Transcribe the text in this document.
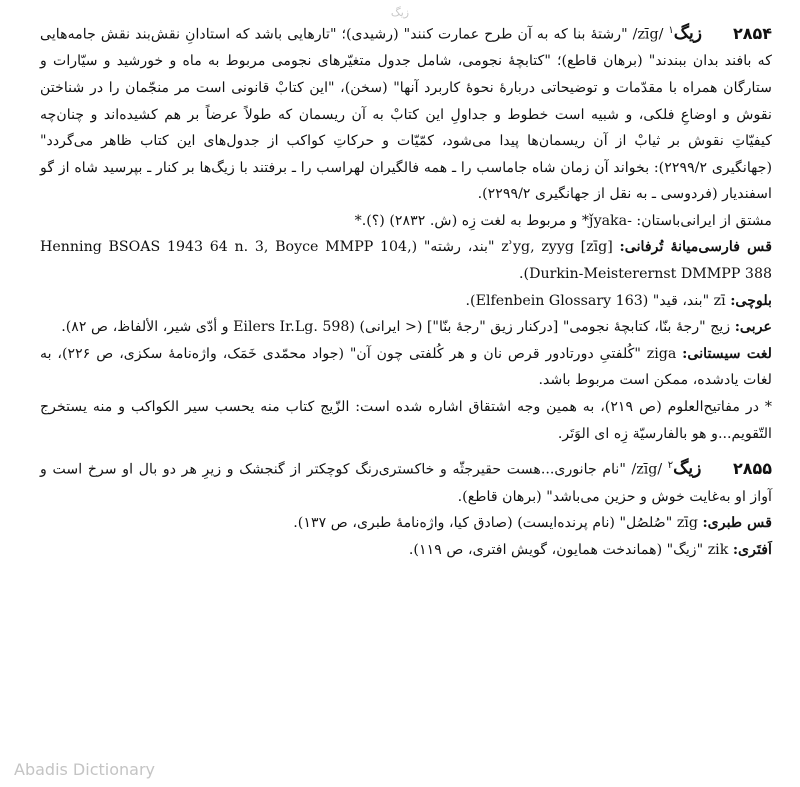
زیگ

۲۸۵۴ زیگ$^۱$ /zīg/ "رشتهٔ بنا که به آن طرح عمارت کنند" (رشیدی)؛ "تارهایی باشد که استادانِ نقش‌بند نقش جامه‌هایی که بافند بدان ببندند" (برهان قاطع)؛ "کتابچهٔ نجومی، شامل جدول متغیّرهای نجومی مربوط به ماه و خورشید و سیّارات و ستارگان همراه با مقدّمات و توضیحاتی دربارهٔ نحوهٔ کاربرد آنها" (سخن)، "این کتابْ قانونی است مر منجّمان را در شناختن نقوش و اوضاعِ فلکی، و شبیه است خطوط و جداولِ این کتابْ به آن ریسمان که طولاً عرضاً بر هم کشیده‌اند و چنان‌چه کیفیّاتِ نقوش بر ثیابْ از آن ریسمان‌ها پیدا می‌شود، کمّیّات و حرکاتِ کواکب از جدول‌های این کتاب ظاهر می‌گردد" (جهانگیری ۲۲۹۹/۲): بخواند آن زمان شاه جاماسب را ـ همه فالگیران لهراسب را ـ برفتند با زیگ‌ها بر کنار ـ بپرسید شاه از گو اسفندیار (فردوسی ـ به نقل از جهانگیری ۲۲۹۹/۲).

مشتق از ایرانی‌باستان: -ǰyaka* و مربوط به لغت زِه (ش. ۲۸۳۲) (؟).*

قس فارسی‌میانهٔ تُرفانی: [zīg] zʾyg, zyyg "بند، رشته" (Henning BSOAS 1943 64 n. 3, Boyce MMPP 104, Durkin-Meisterernst DMMPP 388).

بلوچی: zī "بند، قید" (Elfenbein Glossary 163).

عربی: زیج "رجهٔ بنّا، کتابچهٔ نجومی" [درکنار زیق "رجهٔ بنّا"] (< ایرانی) (Eilers Ir.Lg. 598 و أدّی شیر، الألفاظ، ص ۸۲).

لغت سیستانی: ziga "کُلفتیِ دورتادور قرص نان و هر کُلفتی چون آن" (جواد محمّدی خَمَک، واژه‌نامهٔ سکزی، ص ۲۲۶)، به لغات یادشده، ممکن است مربوط باشد.

* در مفاتیح‌العلوم (ص ۲۱۹)، به همین وجه اشتقاق اشاره شده است: الزّیج کتاب منه یحسب سیر الکواکب و منه یستخرج التّقویم...و هو بالفارسیّة زِه ای الوَتَر.

۲۸۵۵ زیگ$^۲$ /zīg/ "نام جانوری...هست حقیرجثّه و خاکستری‌رنگ کوچکتر از گنجشک و زیرِ هر دو بال او سرخ است و آواز او به‌غایت خوش و حزین می‌باشد" (برهان قاطع).

قس طبری: zīg "صُلصُل" (نام پرنده‌ایست) (صادق کیا، واژه‌نامهٔ طبری، ص ۱۳۷).

اَفتَری: zik "زیگ" (هماندخت همایون، گویش افتری، ص ۱۱۹).

Abadis Dictionary
